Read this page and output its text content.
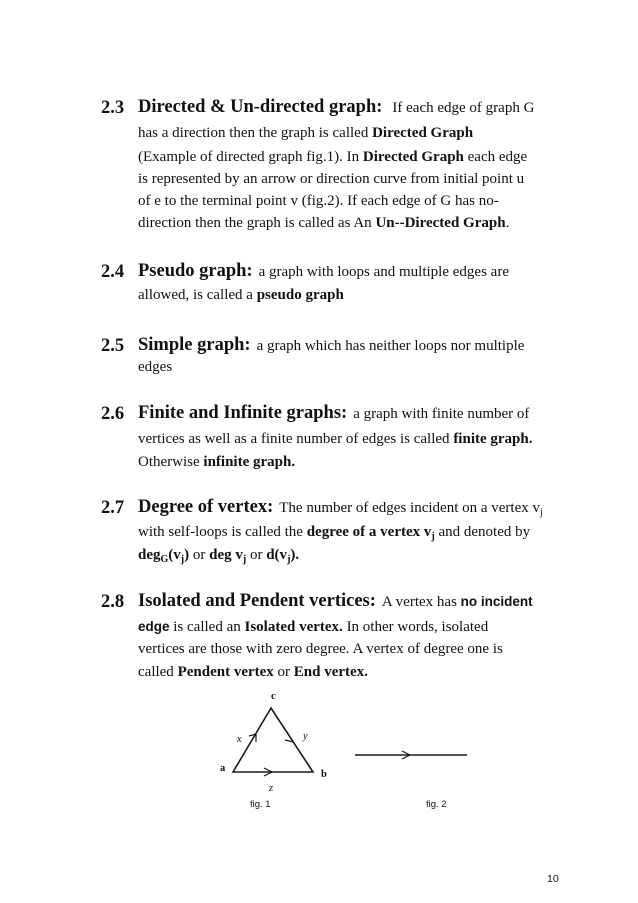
2.3 Directed & Un-directed graph: If each edge of graph G
has a direction then the graph is called Directed Graph
(Example of directed graph fig.1). In Directed Graph each edge
is represented by an arrow or direction curve from initial point u
of e to the terminal point v (fig.2). If each edge of G has no-
direction then the graph is called as An Un--Directed Graph.
2.4 Pseudo graph: a graph with loops and multiple edges are
allowed, is called a pseudo graph
2.5 Simple graph: a graph which has neither loops nor multiple
edges
2.6 Finite and Infinite graphs: a graph with finite number of
vertices as well as a finite number of edges is called finite graph.
Otherwise infinite graph.
2.7 Degree of vertex: The number of edges incident on a vertex $v_j$
with self-loops is called the degree of a vertex $v_j$ and denoted by
$deg_G(v_j)$ or deg $v_j$ or $d(v_j)$.
2.8 Isolated and Pendent vertices: A vertex has no incident
edge is called an Isolated vertex. In other words, isolated
vertices are those with zero degree. A vertex of degree one is
called Pendent vertex or End vertex.
c
a
b
x	y
z
fig. 1	fig. 2
10
